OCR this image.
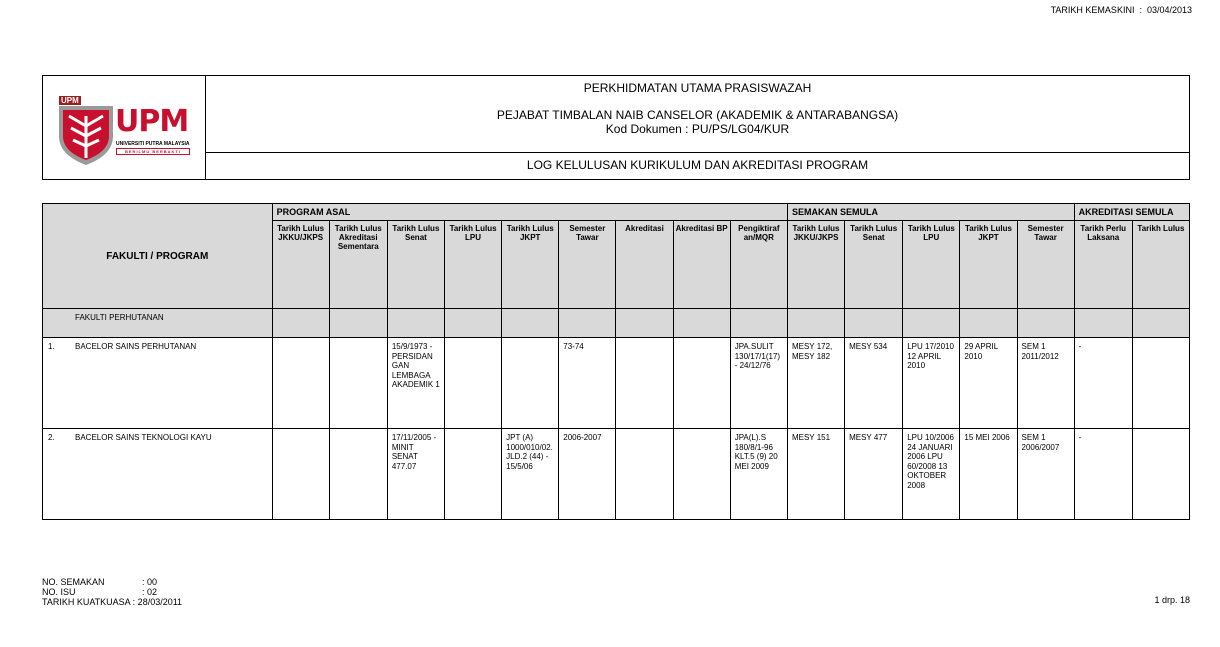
TARIKH KEMASKINI  :  03/04/2013
UPM
UPM
UNIVERSITI PUTRA MALAYSIA
BERILMU BERBAKTI
PERKHIDMATAN UTAMA PRASISWAZAH
PEJABAT TIMBALAN NAIB CANSELOR (AKADEMIK & ANTARABANGSA)
Kod Dokumen : PU/PS/LG04/KUR
LOG KELULUSAN KURIKULUM DAN AKREDITASI PROGRAM
FAKULTI / PROGRAM	PROGRAM ASAL									SEMAKAN SEMULA					AKREDITASI SEMULA	
	Tarikh Lulus JKKU/JKPS	Tarikh Lulus Akreditasi Sementara	Tarikh Lulus Senat	Tarikh Lulus LPU	Tarikh Lulus JKPT	Semester Tawar	Akreditasi	Akreditasi BP	Pengiktiraf an/MQR	Tarikh Lulus JKKU/JKPS	Tarikh Lulus Senat	Tarikh Lulus LPU	Tarikh Lulus JKPT	Semester Tawar	Tarikh Perlu Laksana	Tarikh Lulus
FAKULTI PERHUTANAN																

1. BACELOR SAINS PERHUTANAN			15/9/1973 - PERSIDAN GAN LEMBAGA AKADEMIK 1			73-74			JPA.SULIT 130/17/1(17) - 24/12/76	MESY 172, MESY 182	MESY 534	LPU 17/2010 12 APRIL 2010	29 APRIL 2010	SEM 1 2011/2012	-	

2. BACELOR SAINS TEKNOLOGI KAYU			17/11/2005 - MINIT SENAT 477.07		JPT (A) 1000/010/02. JLD.2 (44) - 15/5/06	2006-2007			JPA(L).S 180/8/1-96 KLT.5 (9) 20 MEI 2009	MESY 151	MESY 477	LPU 10/2006 24 JANUARI 2006 LPU 60/2008 13 OKTOBER 2008	15 MEI 2006	SEM 1 2006/2007	-	
NO. SEMAKAN	: 00
NO. ISU	: 02
TARIKH KUATKUASA : 28/03/2011	1 drp. 18
